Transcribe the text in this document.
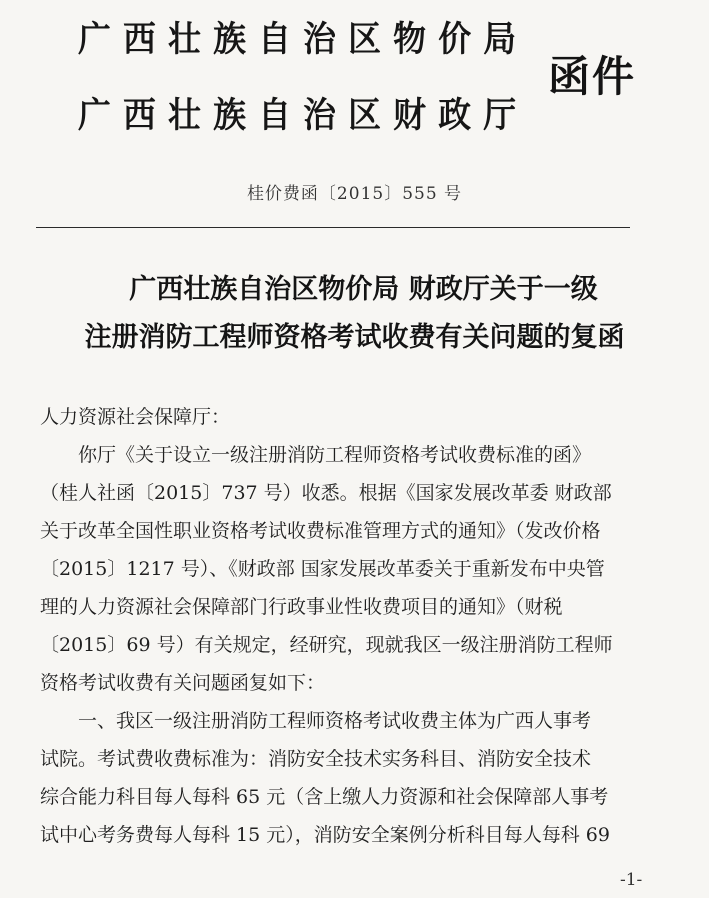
广西壮族自治区物价局
广西壮族自治区财政厅
函件
桂价费函〔2015〕555 号
广西壮族自治区物价局 财政厅关于一级
注册消防工程师资格考试收费有关问题的复函
人力资源社会保障厅：
　　你厅《关于设立一级注册消防工程师资格考试收费标准的函》
（桂人社函〔2015〕737 号）收悉。根据《国家发展改革委 财政部
关于改革全国性职业资格考试收费标准管理方式的通知》（发改价格
〔2015〕1217 号）、《财政部 国家发展改革委关于重新发布中央管
理的人力资源社会保障部门行政事业性收费项目的通知》（财税
〔2015〕69 号）有关规定，经研究，现就我区一级注册消防工程师
资格考试收费有关问题函复如下：
　　一、我区一级注册消防工程师资格考试收费主体为广西人事考
试院。考试费收费标准为：消防安全技术实务科目、消防安全技术
综合能力科目每人每科 65 元（含上缴人力资源和社会保障部人事考
试中心考务费每人每科 15 元），消防安全案例分析科目每人每科 69
-1-
